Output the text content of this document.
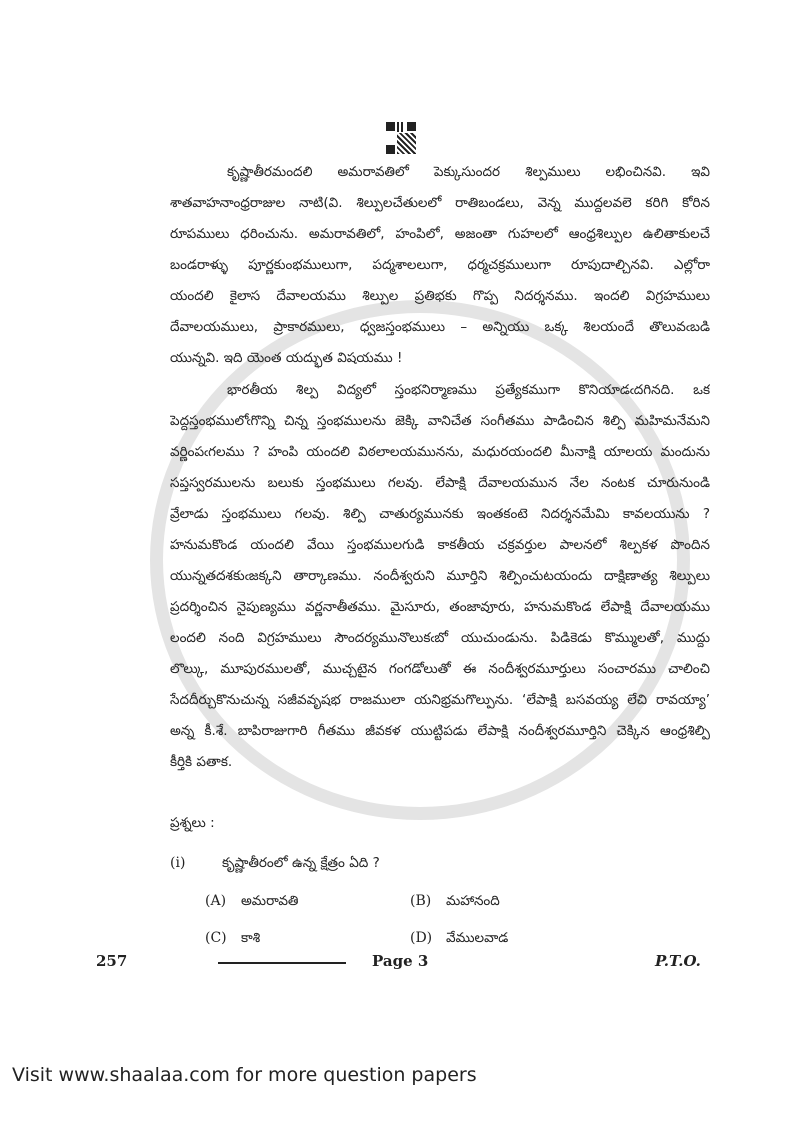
కృష్ణాతీరమందలి అమరావతిలో పెక్కుసుందర శిల్పములు లభించినవి. ఇవి
శాతవాహనాంధ్రరాజుల నాటి(వి. శిల్పులచేతులలో రాతిబండలు, వెన్న ముద్దలవలె కరిగి కోరిన
రూపములు ధరించును. అమరావతిలో, హంపిలో, అజంతా గుహలలో ఆంధ్రశిల్పుల ఉలితాకులచే
బండరాళ్ళు పూర్ణకుంభములుగా, పద్మశాలలుగా, ధర్మచక్రములుగా రూపుదాల్చినవి. ఎల్లోరా
యందలి కైలాస దేవాలయము శిల్పుల ప్రతిభకు గొప్ప నిదర్శనము. ఇందలి విగ్రహములు
దేవాలయములు, ప్రాకారములు, ధ్వజస్తంభములు – అన్నియు ఒక్క శిలయందే తొలువఁబడి
యున్నవి. ఇది యెంత యద్భుత విషయము !
భారతీయ శిల్ప విద్యలో స్తంభనిర్మాణము ప్రత్యేకముగా కొనియాడఁదగినది. ఒక
పెద్దస్తంభములోఁగొన్ని చిన్న స్తంభములను జెక్కి వానిచేత సంగీతము పాడించిన శిల్పి మహిమనేమని
వర్ణింపఁగలము ? హంపి యందలి విఠలాలయమునను, మధురయందలి మీనాక్షి యాలయ మందును
సప్తస్వరములను బలుకు స్తంభములు గలవు. లేపాక్షి దేవాలయమున నేల నంటక చూరునుండి
వ్రేలాడు స్తంభములు గలవు. శిల్పి చాతుర్యమునకు ఇంతకంటె నిదర్శనమేమి కావలయును ?
హనుమకొండ యందలి వేయి స్తంభములగుడి కాకతీయ చక్రవర్తుల పాలనలో శిల్పకళ పొందిన
యున్నతదశకుఁజక్కని తార్కాణము. నందీశ్వరుని మూర్తిని శిల్పించుటయందు దాక్షిణాత్య శిల్పులు
ప్రదర్శించిన నైపుణ్యము వర్ణనాతీతము. మైసూరు, తంజావూరు, హనుమకొండ లేపాక్షి దేవాలయము
లందలి నంది విగ్రహములు సౌందర్యమునొలుకఁబో యుచుండును. పిడికెడు కొమ్ములతో, ముద్దు
లొల్కు, మూపురములతో, ముచ్చటైన గంగడోలుతో ఈ నందీశ్వరమూర్తులు సంచారము చాలించి
సేదదీర్చుకొనుచున్న సజీవవృషభ రాజములా యనిభ్రమగొల్పును. ‘లేపాక్షి బసవయ్య లేచి రావయ్యా’
అన్న కీ.శే. బాపిరాజుగారి గీతము జీవకళ యుట్టిపడు లేపాక్షి నందీశ్వరమూర్తిని చెక్కిన ఆంధ్రశిల్పి
కీర్తికి పతాక.
ప్రశ్నలు :
(i)	కృష్ణాతీరంలో ఉన్న క్షేత్రం ఏది ?
(A) అమరావతి	(B) మహానంది
(C) కాశి	(D) వేములవాడ
257	Page 3	P.T.O.
Visit www.shaalaa.com for more question papers
